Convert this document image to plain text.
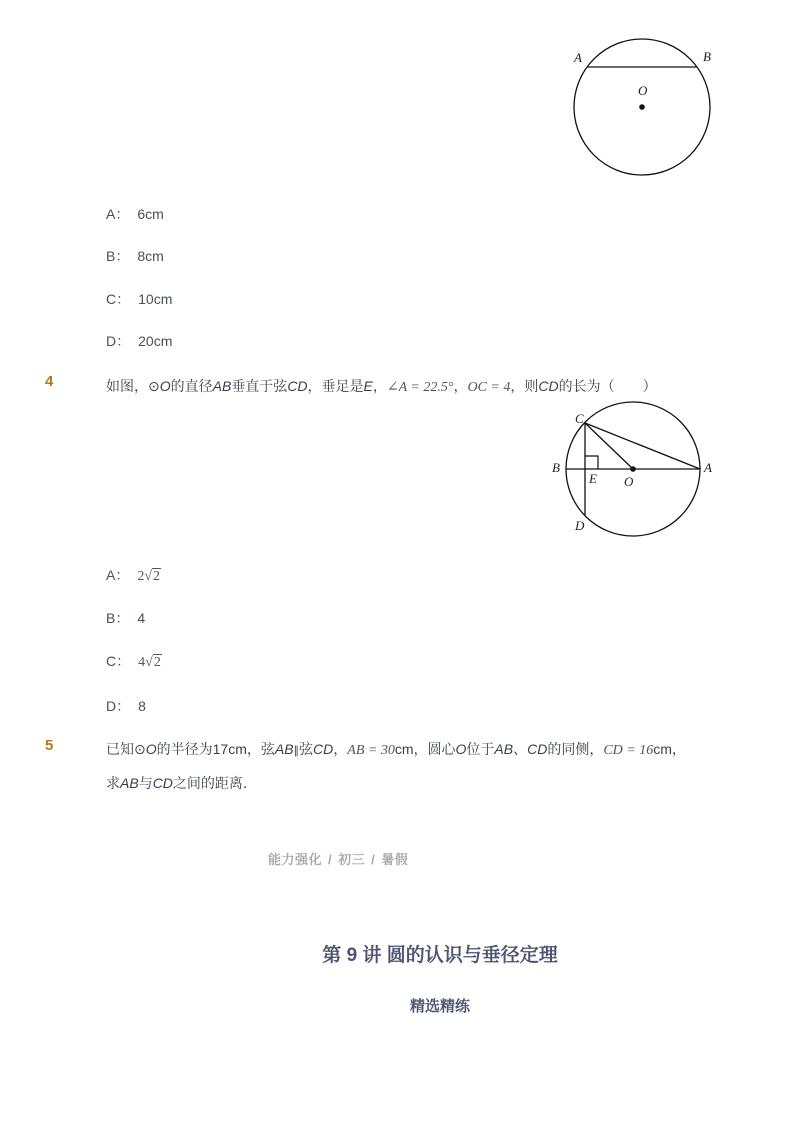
A	B
O
A： 6cm
B： 8cm
C： 10cm
D： 20cm
4	如图，⊙O的直径AB垂直于弦CD，垂足是E，∠A = 22.5°，OC = 4，则CD的长为（　　）
C
B
E O
A
D
A： 2√2
B： 4
C： 4√2
D： 8
5	已知⊙O的半径为17cm，弦AB∥弦CD，AB = 30cm，圆心O位于AB、CD的同侧，CD = 16cm，
求AB与CD之间的距离．
能力强化 / 初三 / 暑假
第 9 讲 圆的认识与垂径定理
精选精练
